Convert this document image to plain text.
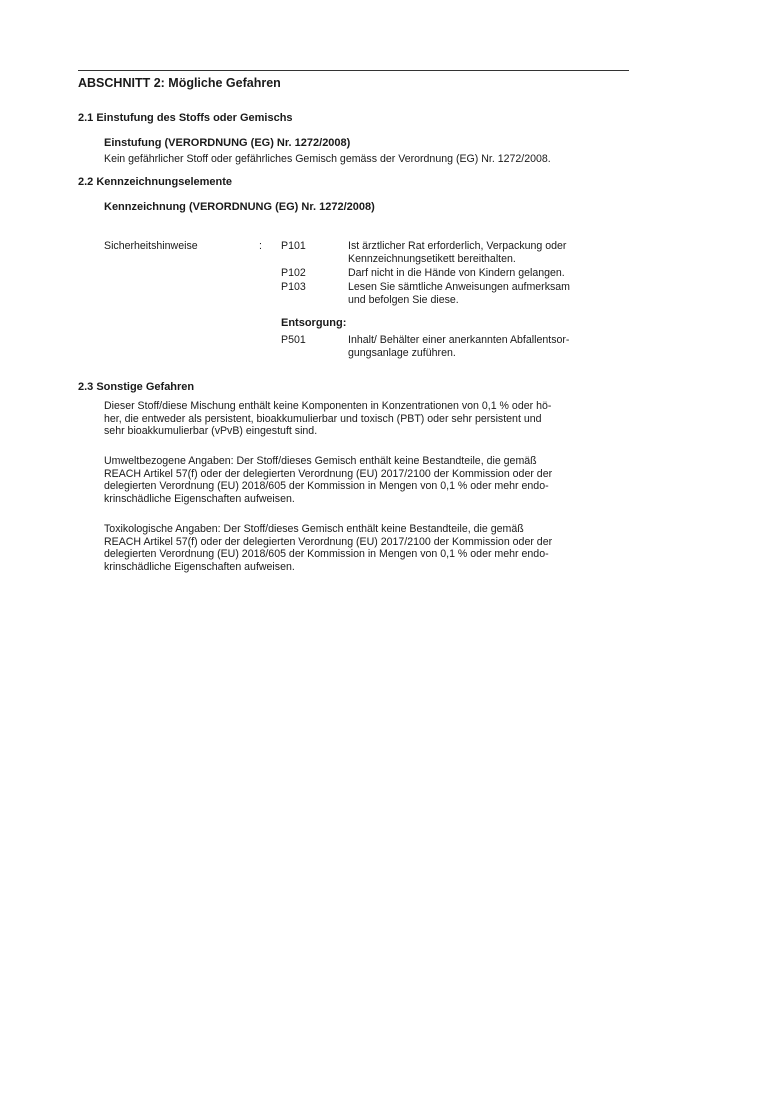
ABSCHNITT 2: Mögliche Gefahren
2.1 Einstufung des Stoffs oder Gemischs
Einstufung (VERORDNUNG (EG) Nr. 1272/2008)
Kein gefährlicher Stoff oder gefährliches Gemisch gemäss der Verordnung (EG) Nr. 1272/2008.
2.2 Kennzeichnungselemente
Kennzeichnung (VERORDNUNG (EG) Nr. 1272/2008)
Sicherheitshinweise	: P101	Ist ärztlicher Rat erforderlich, Verpackung oder
Kennzeichnungsetikett bereithalten.
P102	Darf nicht in die Hände von Kindern gelangen.
P103	Lesen Sie sämtliche Anweisungen aufmerksam
und befolgen Sie diese.
Entsorgung:
P501	Inhalt/ Behälter einer anerkannten Abfallentsor-
gungsanlage zuführen.
2.3 Sonstige Gefahren
Dieser Stoff/diese Mischung enthält keine Komponenten in Konzentrationen von 0,1 % oder hö-
her, die entweder als persistent, bioakkumulierbar und toxisch (PBT) oder sehr persistent und
sehr bioakkumulierbar (vPvB) eingestuft sind.
Umweltbezogene Angaben: Der Stoff/dieses Gemisch enthält keine Bestandteile, die gemäß
REACH Artikel 57(f) oder der delegierten Verordnung (EU) 2017/2100 der Kommission oder der
delegierten Verordnung (EU) 2018/605 der Kommission in Mengen von 0,1 % oder mehr endo-
krinschädliche Eigenschaften aufweisen.
Toxikologische Angaben: Der Stoff/dieses Gemisch enthält keine Bestandteile, die gemäß
REACH Artikel 57(f) oder der delegierten Verordnung (EU) 2017/2100 der Kommission oder der
delegierten Verordnung (EU) 2018/605 der Kommission in Mengen von 0,1 % oder mehr endo-
krinschädliche Eigenschaften aufweisen.
